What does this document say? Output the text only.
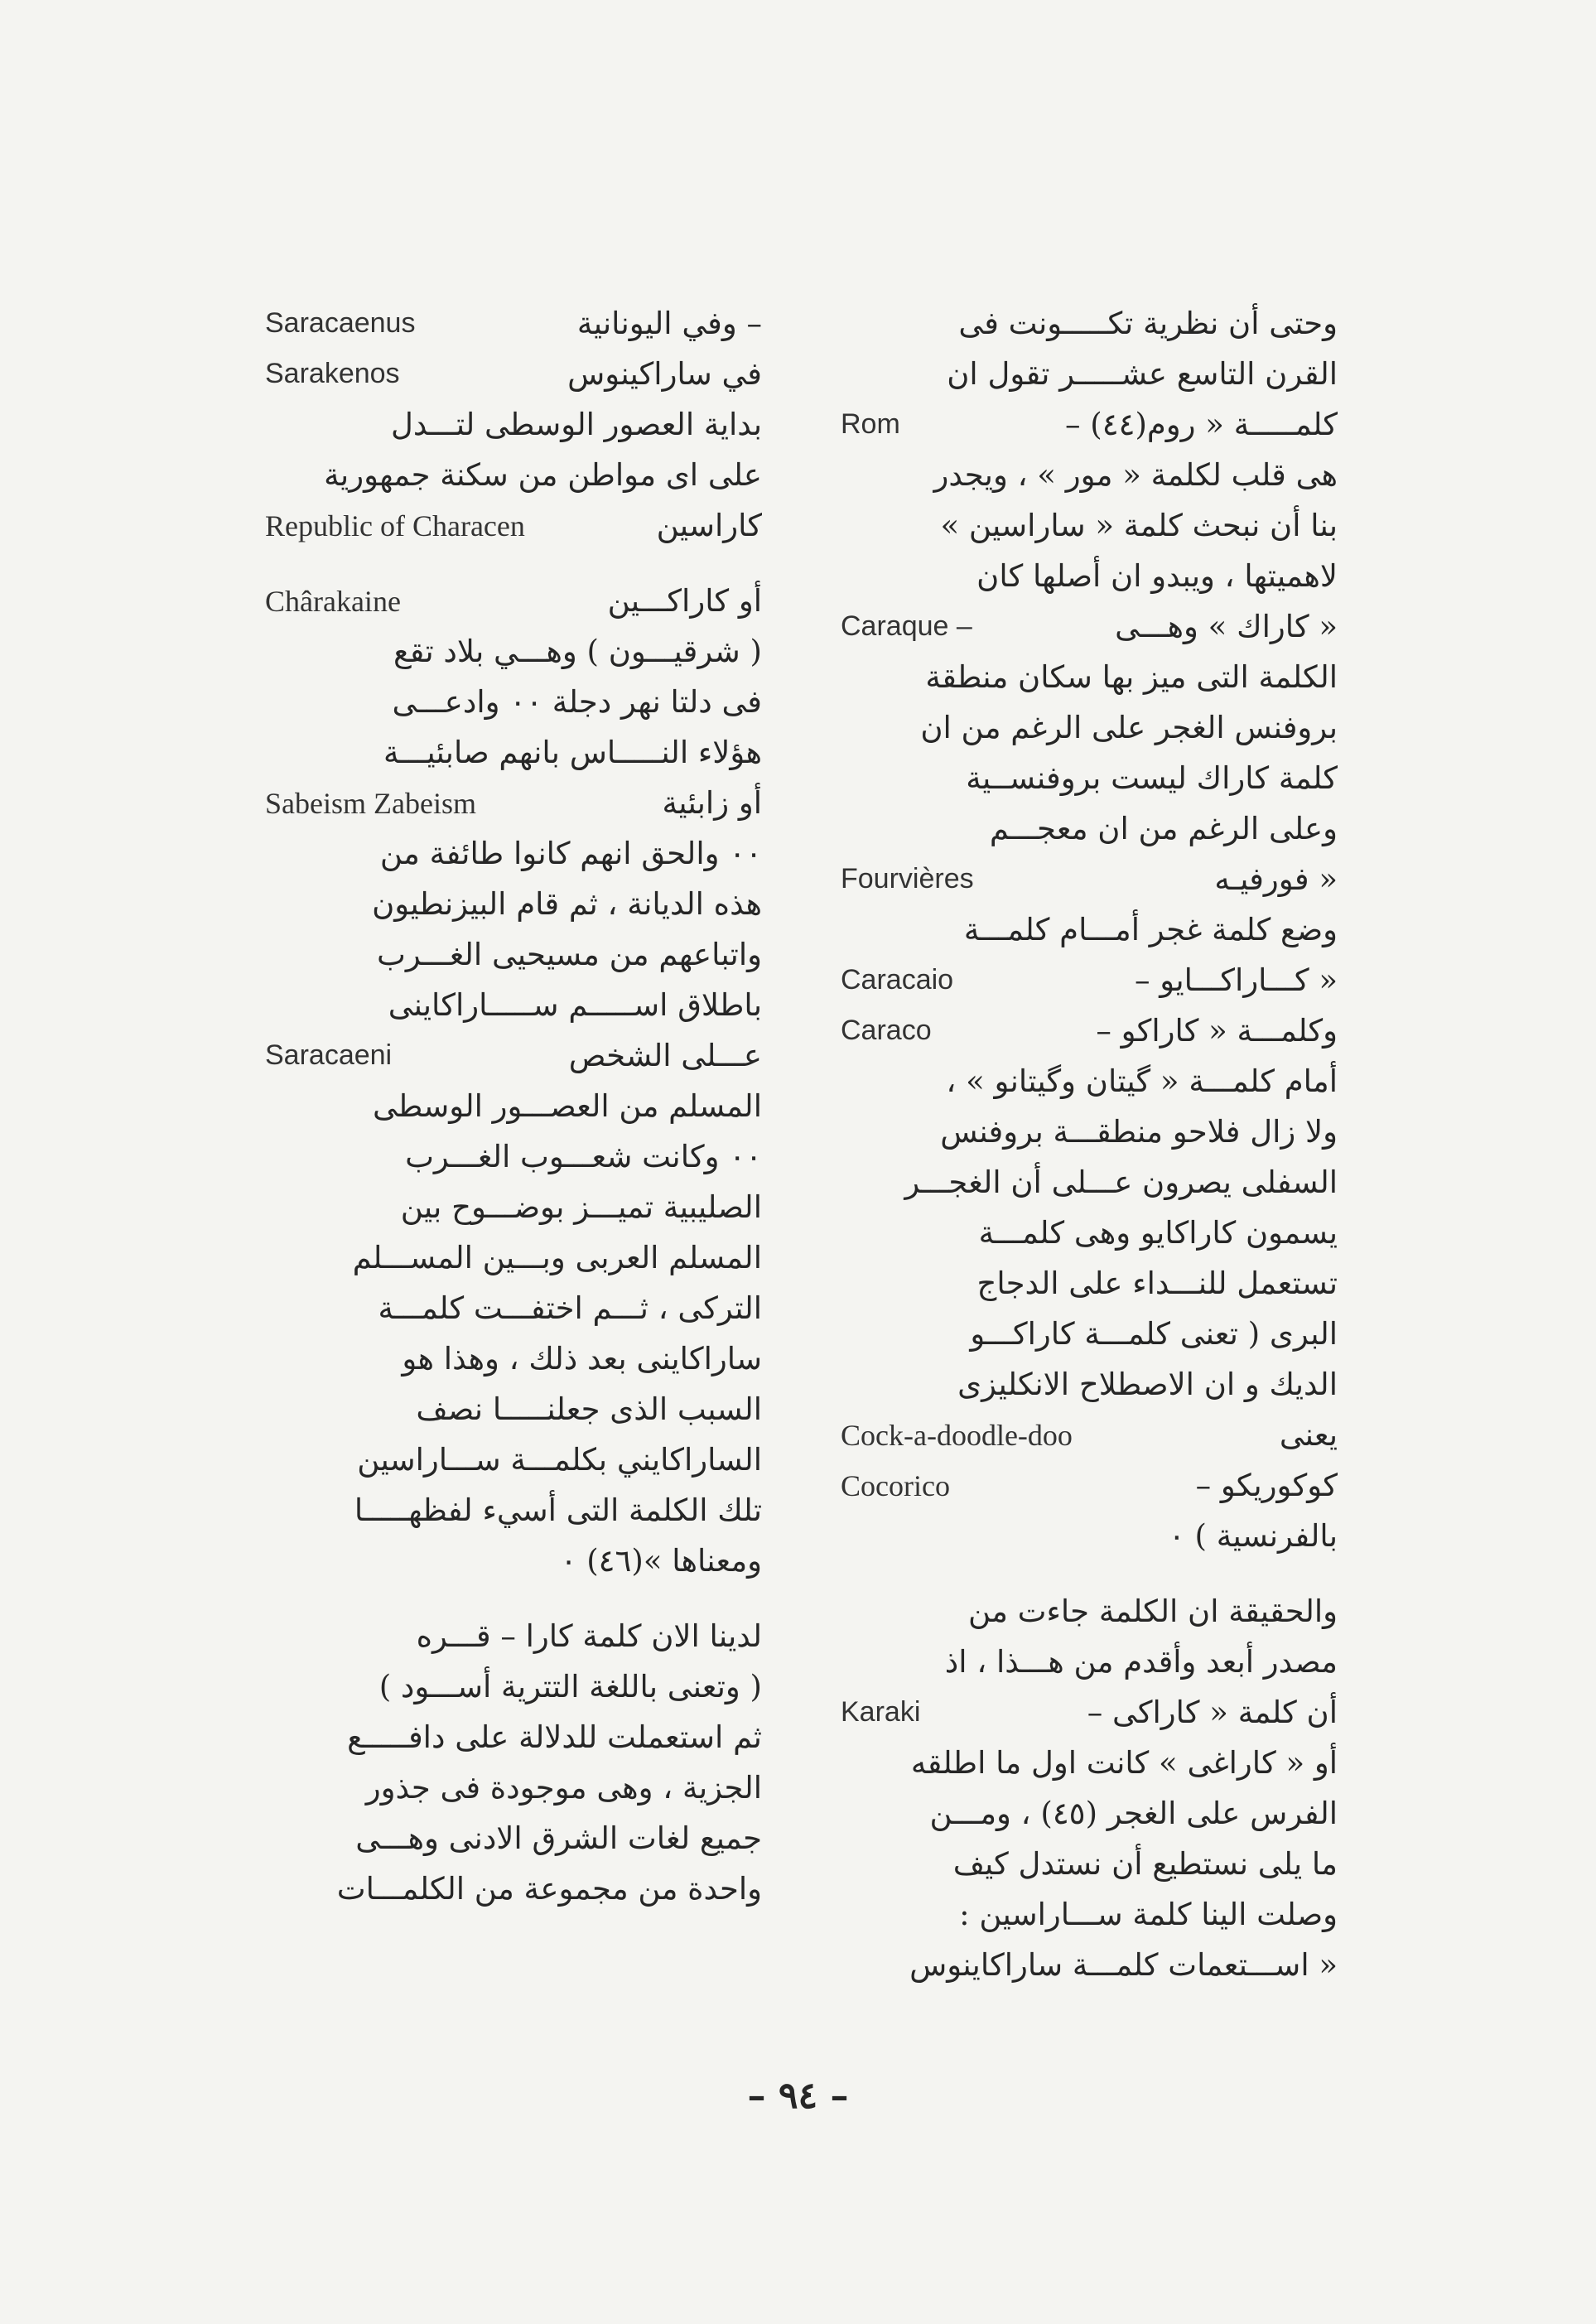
وحتى أن نظرية تكـــــونت فى
القرن التاسع عشـــــر تقول ان
كلمـــــة « روم(٤٤) –
Rom
هى قلب لكلمة « مور » ، ويجدر
بنا أن نبحث كلمة « ساراسين »
لاهميتها ، ويبدو ان أصلها كان
« كاراك » وهـــى
Caraque –
الكلمة التى ميز بها سكان منطقة
بروفنس الغجر على الرغم من ان
كلمة كاراك ليست بروفنســية
وعلى الرغم من ان معجـــم
« فورفيـه
Fourvières
وضع كلمة غجر أمـــام كلمـــة
« كـــاراكـــايو –
Caracaio
وكلمـــة « كاراكو –
Caraco
أمام كلمـــة « گيتان وگيتانو » ،
ولا زال فلاحو منطقـــة بروفنس
السفلى يصرون عـــلى أن الغجـــر
يسمون كاراكايو وهى كلمـــة
تستعمل للنـــداء على الدجاج
البرى ( تعنى كلمـــة كاراكـــو
الديك و ان الاصطلاح الانكليزى
يعنى
Cock-a-doodle-doo
كوكوريكو –
Cocorico
بالفرنسية ) ٠
والحقيقة ان الكلمة جاءت من
مصدر أبعد وأقدم من هـــذا ، اذ
أن كلمة « كاراكى –
Karaki
أو « كاراغى » كانت اول ما اطلقه
الفرس على الغجر (٤٥) ، ومـــن
ما يلى نستطيع أن نستدل كيف
وصلت الينا كلمة ســـاراسين :
« اســـتعمات كلمـــة ساراكاينوس
– وفي اليونانية
Saracaenus
في ساراكينوس
Sarakenos
بداية العصور الوسطى لتـــدل
على اى مواطن من سكنة جمهورية
كاراسين
Republic of Characen
أو كاراكـــين
Chârakaine
( شرقيـــون ) وهـــي بلاد تقع
فى دلتا نهر دجلة ٠٠ وادعـــى
هؤلاء النـــــاس بانهم صابئيـــة
أو زابئية
Sabeism Zabeism
٠٠ والحق انهم كانوا طائفة من
هذه الديانة ، ثم قام البيزنطيون
واتباعهم من مسيحيى الغـــرب
باطلاق اســـــم ســـــاراكاينى
عـــلى الشخص
Saracaeni
المسلم من العصـــور الوسطى
٠٠ وكانت شعـــوب الغـــرب
الصليبية تميـــز بوضـــوح بين
المسلم العربى وبـــين المســـلم
التركى ، ثـــم اختفـــت كلمـــة
ساراكاينى بعد ذلك ، وهذا هو
السبب الذى جعلنـــــا نصف
الساراكايني بكلمـــة ســـاراسين
تلك الكلمة التى أسيء لفظهـــــا
ومعناها »(٤٦) ٠
لدينا الان كلمة كارا – قـــره
( وتعنى باللغة التترية أســـود )
ثم استعملت للدلالة على دافـــــع
الجزية ، وهى موجودة فى جذور
جميع لغات الشرق الادنى وهـــى
واحدة من مجموعة من الكلمـــات
– ٩٤ –
